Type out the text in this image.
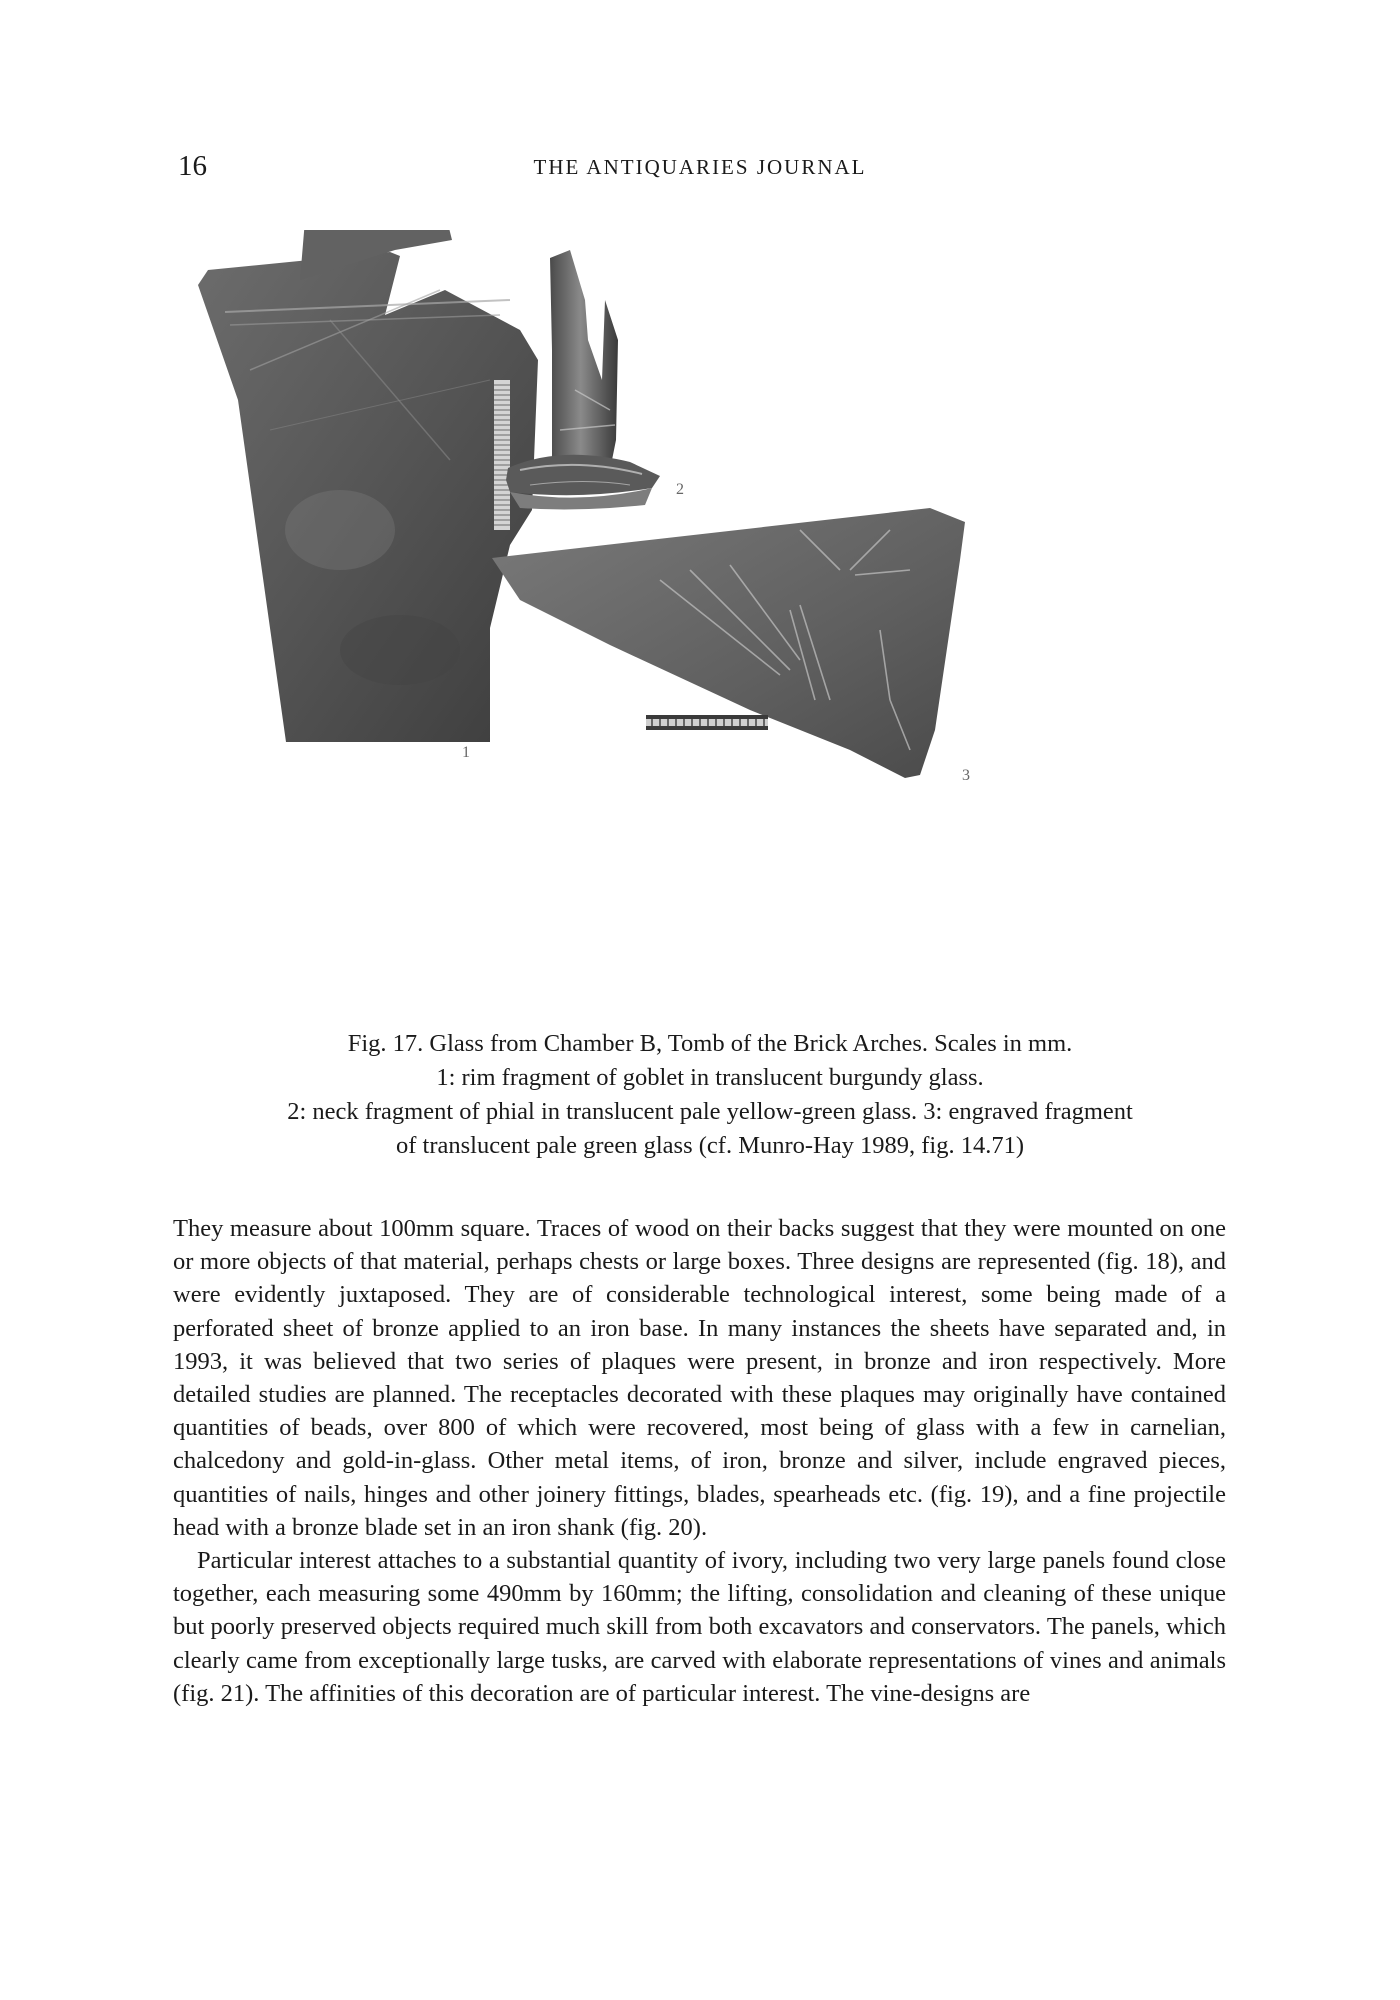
16	THE ANTIQUARIES JOURNAL
1
2
3

Fig. 17. Glass from Chamber B, Tomb of the Brick Arches. Scales in mm.

1: rim fragment of goblet in translucent burgundy glass.

2: neck fragment of phial in translucent pale yellow-green glass. 3: engraved fragment

of translucent pale green glass (cf. Munro-Hay 1989, fig. 14.71)

They measure about 100mm square. Traces of wood on their backs suggest that they were mounted on one or more objects of that material, perhaps chests or large boxes. Three designs are represented (fig. 18), and were evidently juxtaposed. They are of considerable technological interest, some being made of a perforated sheet of bronze applied to an iron base. In many instances the sheets have separated and, in 1993, it was believed that two series of plaques were present, in bronze and iron respectively. More detailed studies are planned. The receptacles decorated with these plaques may originally have contained quantities of beads, over 800 of which were recovered, most being of glass with a few in carnelian, chalcedony and gold-in-glass. Other metal items, of iron, bronze and silver, include engraved pieces, quantities of nails, hinges and other joinery fittings, blades, spearheads etc. (fig. 19), and a fine projectile head with a bronze blade set in an iron shank (fig. 20).

Particular interest attaches to a substantial quantity of ivory, including two very large panels found close together, each measuring some 490mm by 160mm; the lifting, consolidation and cleaning of these unique but poorly preserved objects required much skill from both excavators and conservators. The panels, which clearly came from exceptionally large tusks, are carved with elaborate representations of vines and animals (fig. 21). The affinities of this decoration are of particular interest. The vine-designs are
